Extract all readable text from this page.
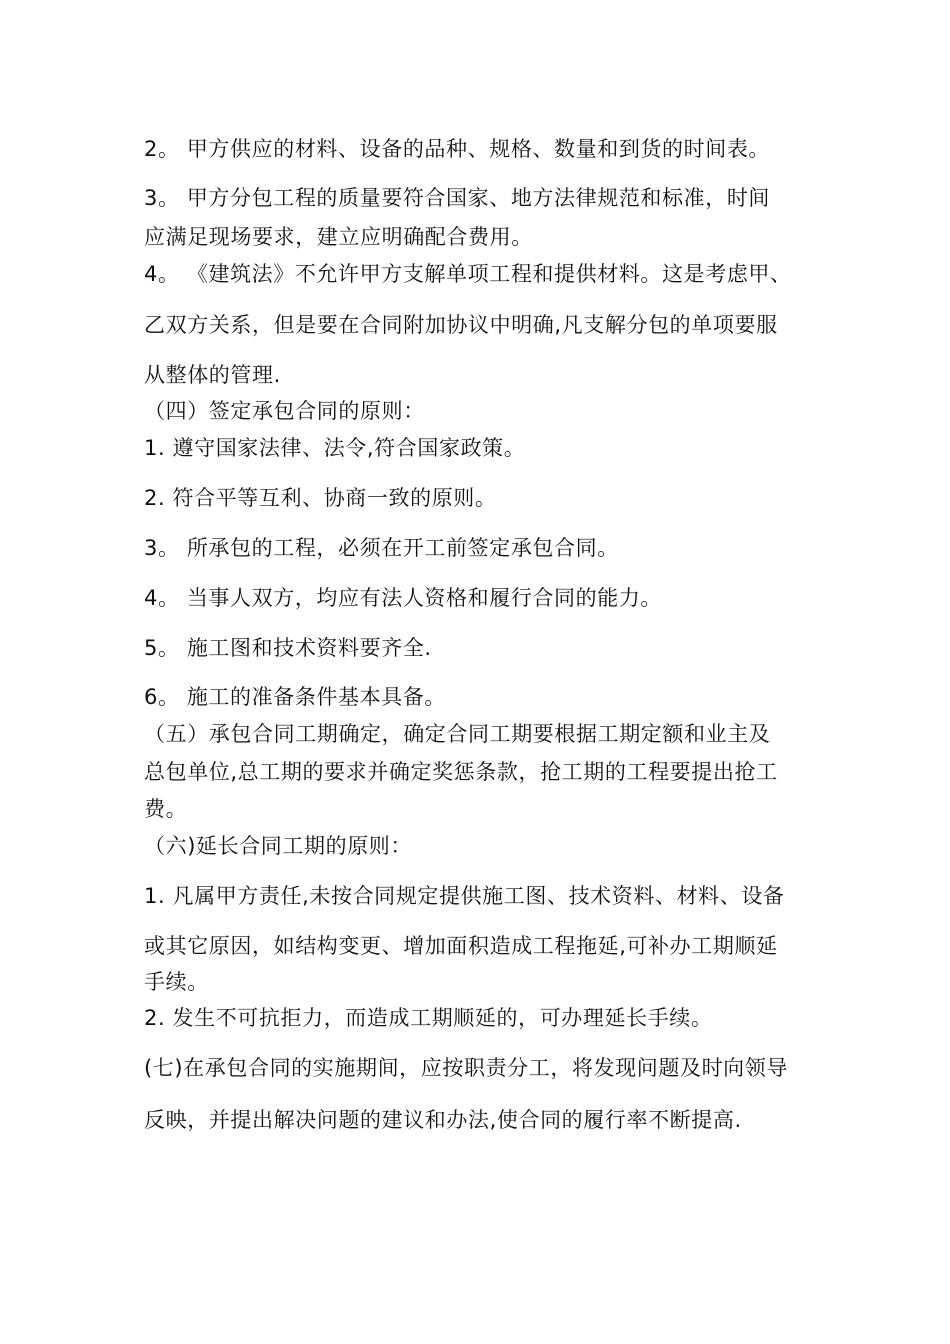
2。 甲方供应的材料、设备的品种、规格、数量和到货的时间表。
3。 甲方分包工程的质量要符合国家、地方法律规范和标准，时间
应满足现场要求，建立应明确配合费用。
4。 《建筑法》不允许甲方支解单项工程和提供材料。这是考虑甲、
乙双方关系，但是要在合同附加协议中明确,凡支解分包的单项要服
从整体的管理.
（四）签定承包合同的原则：
1. 遵守国家法律、法令,符合国家政策。
2. 符合平等互利、协商一致的原则。
3。 所承包的工程，必须在开工前签定承包合同。
4。 当事人双方，均应有法人资格和履行合同的能力。
5。 施工图和技术资料要齐全.
6。 施工的准备条件基本具备。
（五）承包合同工期确定，确定合同工期要根据工期定额和业主及
总包单位,总工期的要求并确定奖惩条款，抢工期的工程要提出抢工
费。
（六)延长合同工期的原则：
1. 凡属甲方责任,未按合同规定提供施工图、技术资料、材料、设备
或其它原因，如结构变更、增加面积造成工程拖延,可补办工期顺延
手续。
2. 发生不可抗拒力，而造成工期顺延的，可办理延长手续。
(七)在承包合同的实施期间，应按职责分工，将发现问题及时向领导
反映，并提出解决问题的建议和办法,使合同的履行率不断提高.
